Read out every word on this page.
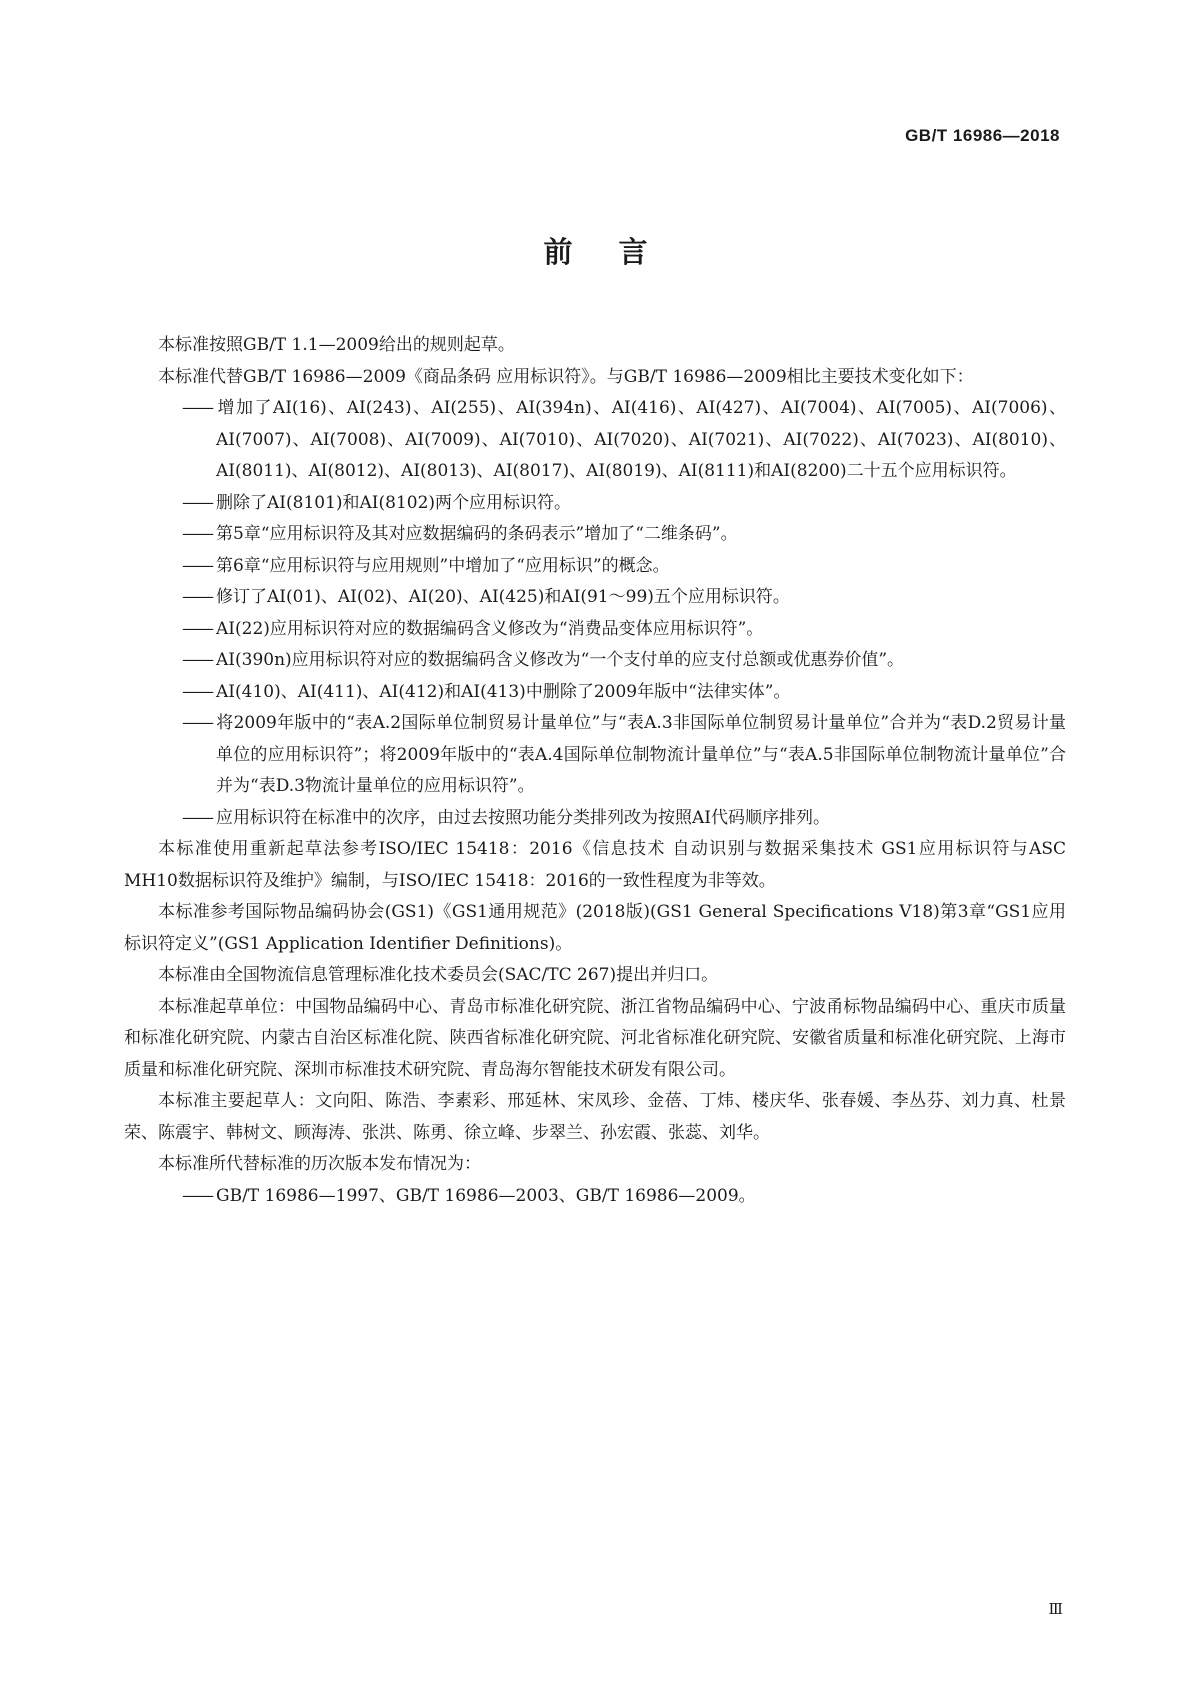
GB/T 16986—2018
前言

本标准按照GB/T 1.1—2009给出的规则起草。

本标准代替GB/T 16986—2009《商品条码 应用标识符》。与GB/T 16986—2009相比主要技术变化如下：

—— 增加了AI(16)、AI(243)、AI(255)、AI(394n)、AI(416)、AI(427)、AI(7004)、AI(7005)、AI(7006)、AI(7007)、AI(7008)、AI(7009)、AI(7010)、AI(7020)、AI(7021)、AI(7022)、AI(7023)、AI(8010)、AI(8011)、AI(8012)、AI(8013)、AI(8017)、AI(8019)、AI(8111)和AI(8200)二十五个应用标识符。

—— 删除了AI(8101)和AI(8102)两个应用标识符。

—— 第5章“应用标识符及其对应数据编码的条码表示”增加了“二维条码”。

—— 第6章“应用标识符与应用规则”中增加了“应用标识”的概念。

—— 修订了AI(01)、AI(02)、AI(20)、AI(425)和AI(91～99)五个应用标识符。

—— AI(22)应用标识符对应的数据编码含义修改为“消费品变体应用标识符”。

—— AI(390n)应用标识符对应的数据编码含义修改为“一个支付单的应支付总额或优惠券价值”。

—— AI(410)、AI(411)、AI(412)和AI(413)中删除了2009年版中“法律实体”。

—— 将2009年版中的“表A.2国际单位制贸易计量单位”与“表A.3非国际单位制贸易计量单位”合并为“表D.2贸易计量单位的应用标识符”；将2009年版中的“表A.4国际单位制物流计量单位”与“表A.5非国际单位制物流计量单位”合并为“表D.3物流计量单位的应用标识符”。

—— 应用标识符在标准中的次序，由过去按照功能分类排列改为按照AI代码顺序排列。

本标准使用重新起草法参考ISO/IEC 15418：2016《信息技术 自动识别与数据采集技术 GS1应用标识符与ASC MH10数据标识符及维护》编制，与ISO/IEC 15418：2016的一致性程度为非等效。

本标准参考国际物品编码协会(GS1)《GS1通用规范》(2018版)(GS1 General Specifications V18)第3章“GS1应用标识符定义”(GS1 Application Identifier Definitions)。

本标准由全国物流信息管理标准化技术委员会(SAC/TC 267)提出并归口。

本标准起草单位：中国物品编码中心、青岛市标准化研究院、浙江省物品编码中心、宁波甬标物品编码中心、重庆市质量和标准化研究院、内蒙古自治区标准化院、陕西省标准化研究院、河北省标准化研究院、安徽省质量和标准化研究院、上海市质量和标准化研究院、深圳市标准技术研究院、青岛海尔智能技术研发有限公司。

本标准主要起草人：文向阳、陈浩、李素彩、邢延林、宋凤珍、金蓓、丁炜、楼庆华、张春媛、李丛芬、刘力真、杜景荣、陈震宇、韩树文、顾海涛、张洪、陈勇、徐立峰、步翠兰、孙宏霞、张蕊、刘华。

本标准所代替标准的历次版本发布情况为：

—— GB/T 16986—1997、GB/T 16986—2003、GB/T 16986—2009。

Ⅲ
